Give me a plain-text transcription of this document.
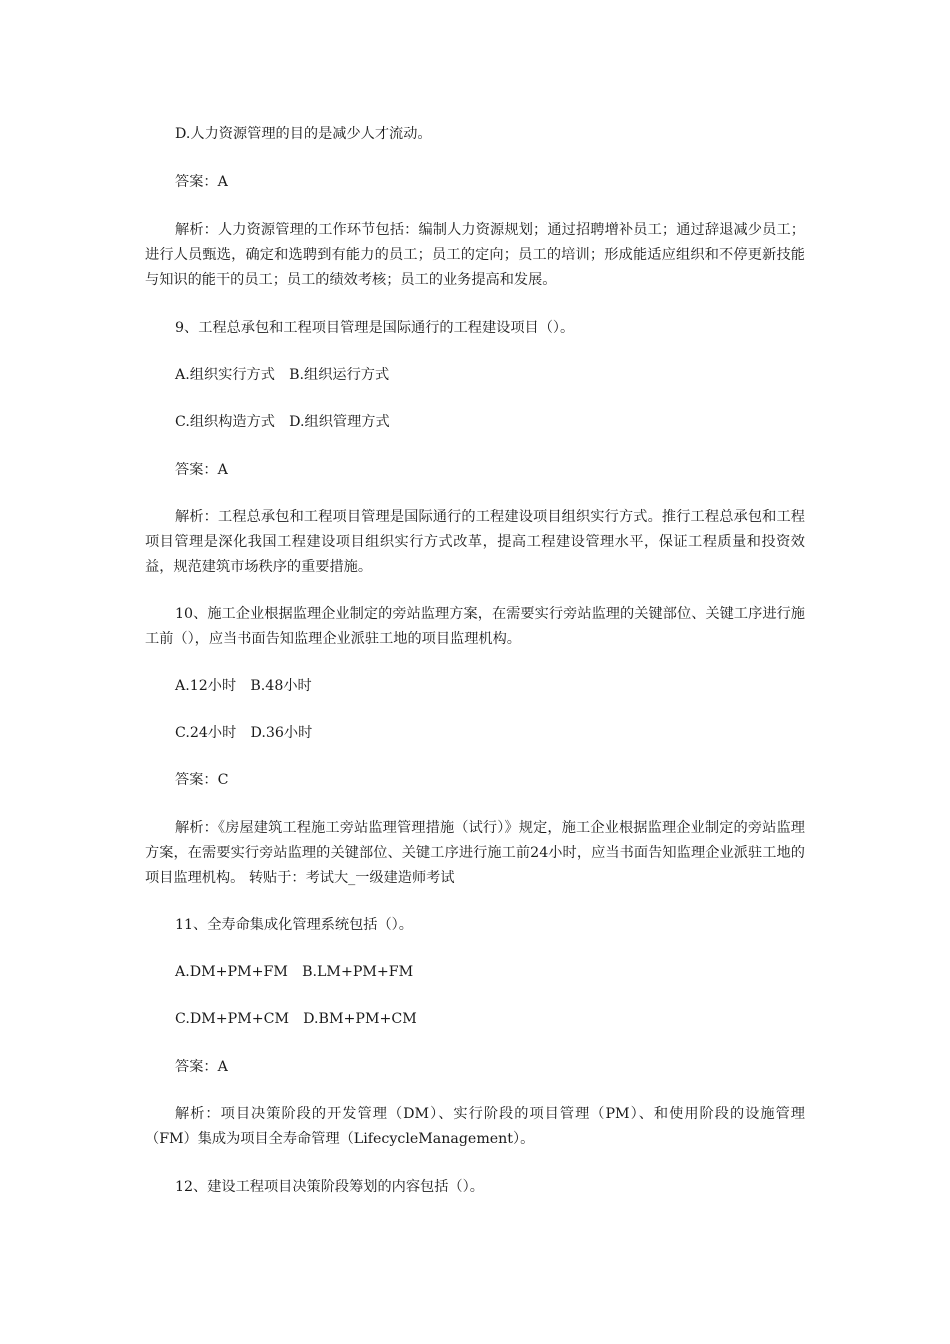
D.人力资源管理的目的是减少人才流动。

答案：A

解析：人力资源管理的工作环节包括：编制人力资源规划；通过招聘增补员工；通过辞退减少员工；进行人员甄选，确定和选聘到有能力的员工；员工的定向；员工的培训；形成能适应组织和不停更新技能与知识的能干的员工；员工的绩效考核；员工的业务提高和发展。

9、工程总承包和工程项目管理是国际通行的工程建设项目（）。

A.组织实行方式　B.组织运行方式

C.组织构造方式　D.组织管理方式

答案：A

解析：工程总承包和工程项目管理是国际通行的工程建设项目组织实行方式。推行工程总承包和工程项目管理是深化我国工程建设项目组织实行方式改革，提高工程建设管理水平，保证工程质量和投资效益，规范建筑市场秩序的重要措施。

10、施工企业根据监理企业制定的旁站监理方案，在需要实行旁站监理的关键部位、关键工序进行施工前（），应当书面告知监理企业派驻工地的项目监理机构。

A.12小时　B.48小时

C.24小时　D.36小时

答案：C

解析：《房屋建筑工程施工旁站监理管理措施（试行）》规定，施工企业根据监理企业制定的旁站监理方案，在需要实行旁站监理的关键部位、关键工序进行施工前24小时，应当书面告知监理企业派驻工地的项目监理机构。 转贴于：考试大_一级建造师考试

11、全寿命集成化管理系统包括（）。

A.DM+PM+FM　B.LM+PM+FM

C.DM+PM+CM　D.BM+PM+CM

答案：A

解析：项目决策阶段的开发管理（DM）、实行阶段的项目管理（PM）、和使用阶段的设施管理（FM）集成为项目全寿命管理（LifecycleManagement）。

12、建设工程项目决策阶段筹划的内容包括（）。
